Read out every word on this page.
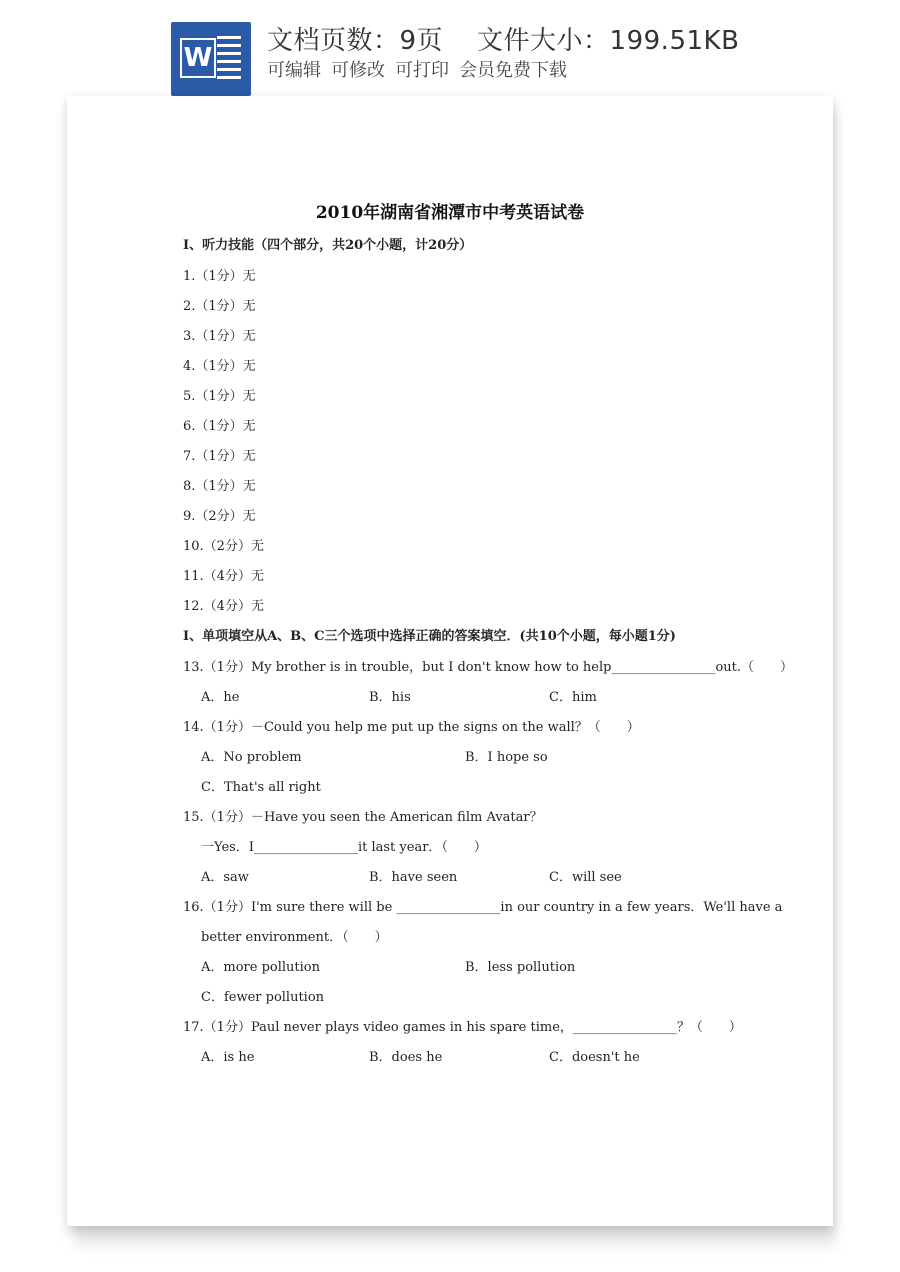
W
文档页数：9页 文件大小：199.51KB
可编辑 可修改 可打印 会员免费下载
2010年湖南省湘潭市中考英语试卷
I、听力技能（四个部分，共20个小题，计20分）
1.（1分）无
2.（1分）无
3.（1分）无
4.（1分）无
5.（1分）无
6.（1分）无
7.（1分）无
8.（1分）无
9.（2分）无
10.（2分）无
11.（4分）无
12.（4分）无
I、单项填空从A、B、C三个选项中选择正确的答案填空．(共10个小题，每小题1分)
13.（1分）My brother is in trouble，but I don't know how to help________________out.（　　）
A．he	B．his	C．him
14.（1分）－Could you help me put up the signs on the wall？（　　）
A．No problem	B．I hope so
C．That's all right
15.（1分）－Have you seen the American film Avatar？
一Yes．I________________it last year．（　　）
A．saw	B．have seen	C．will see
16.（1分）I'm sure there will be ________________in our country in a few years．We'll have a
better environment．（　　）
A．more pollution	B．less pollution
C．fewer pollution
17.（1分）Paul never plays video games in his spare time，________________？（　　）
A．is he	B．does he	C．doesn't he
